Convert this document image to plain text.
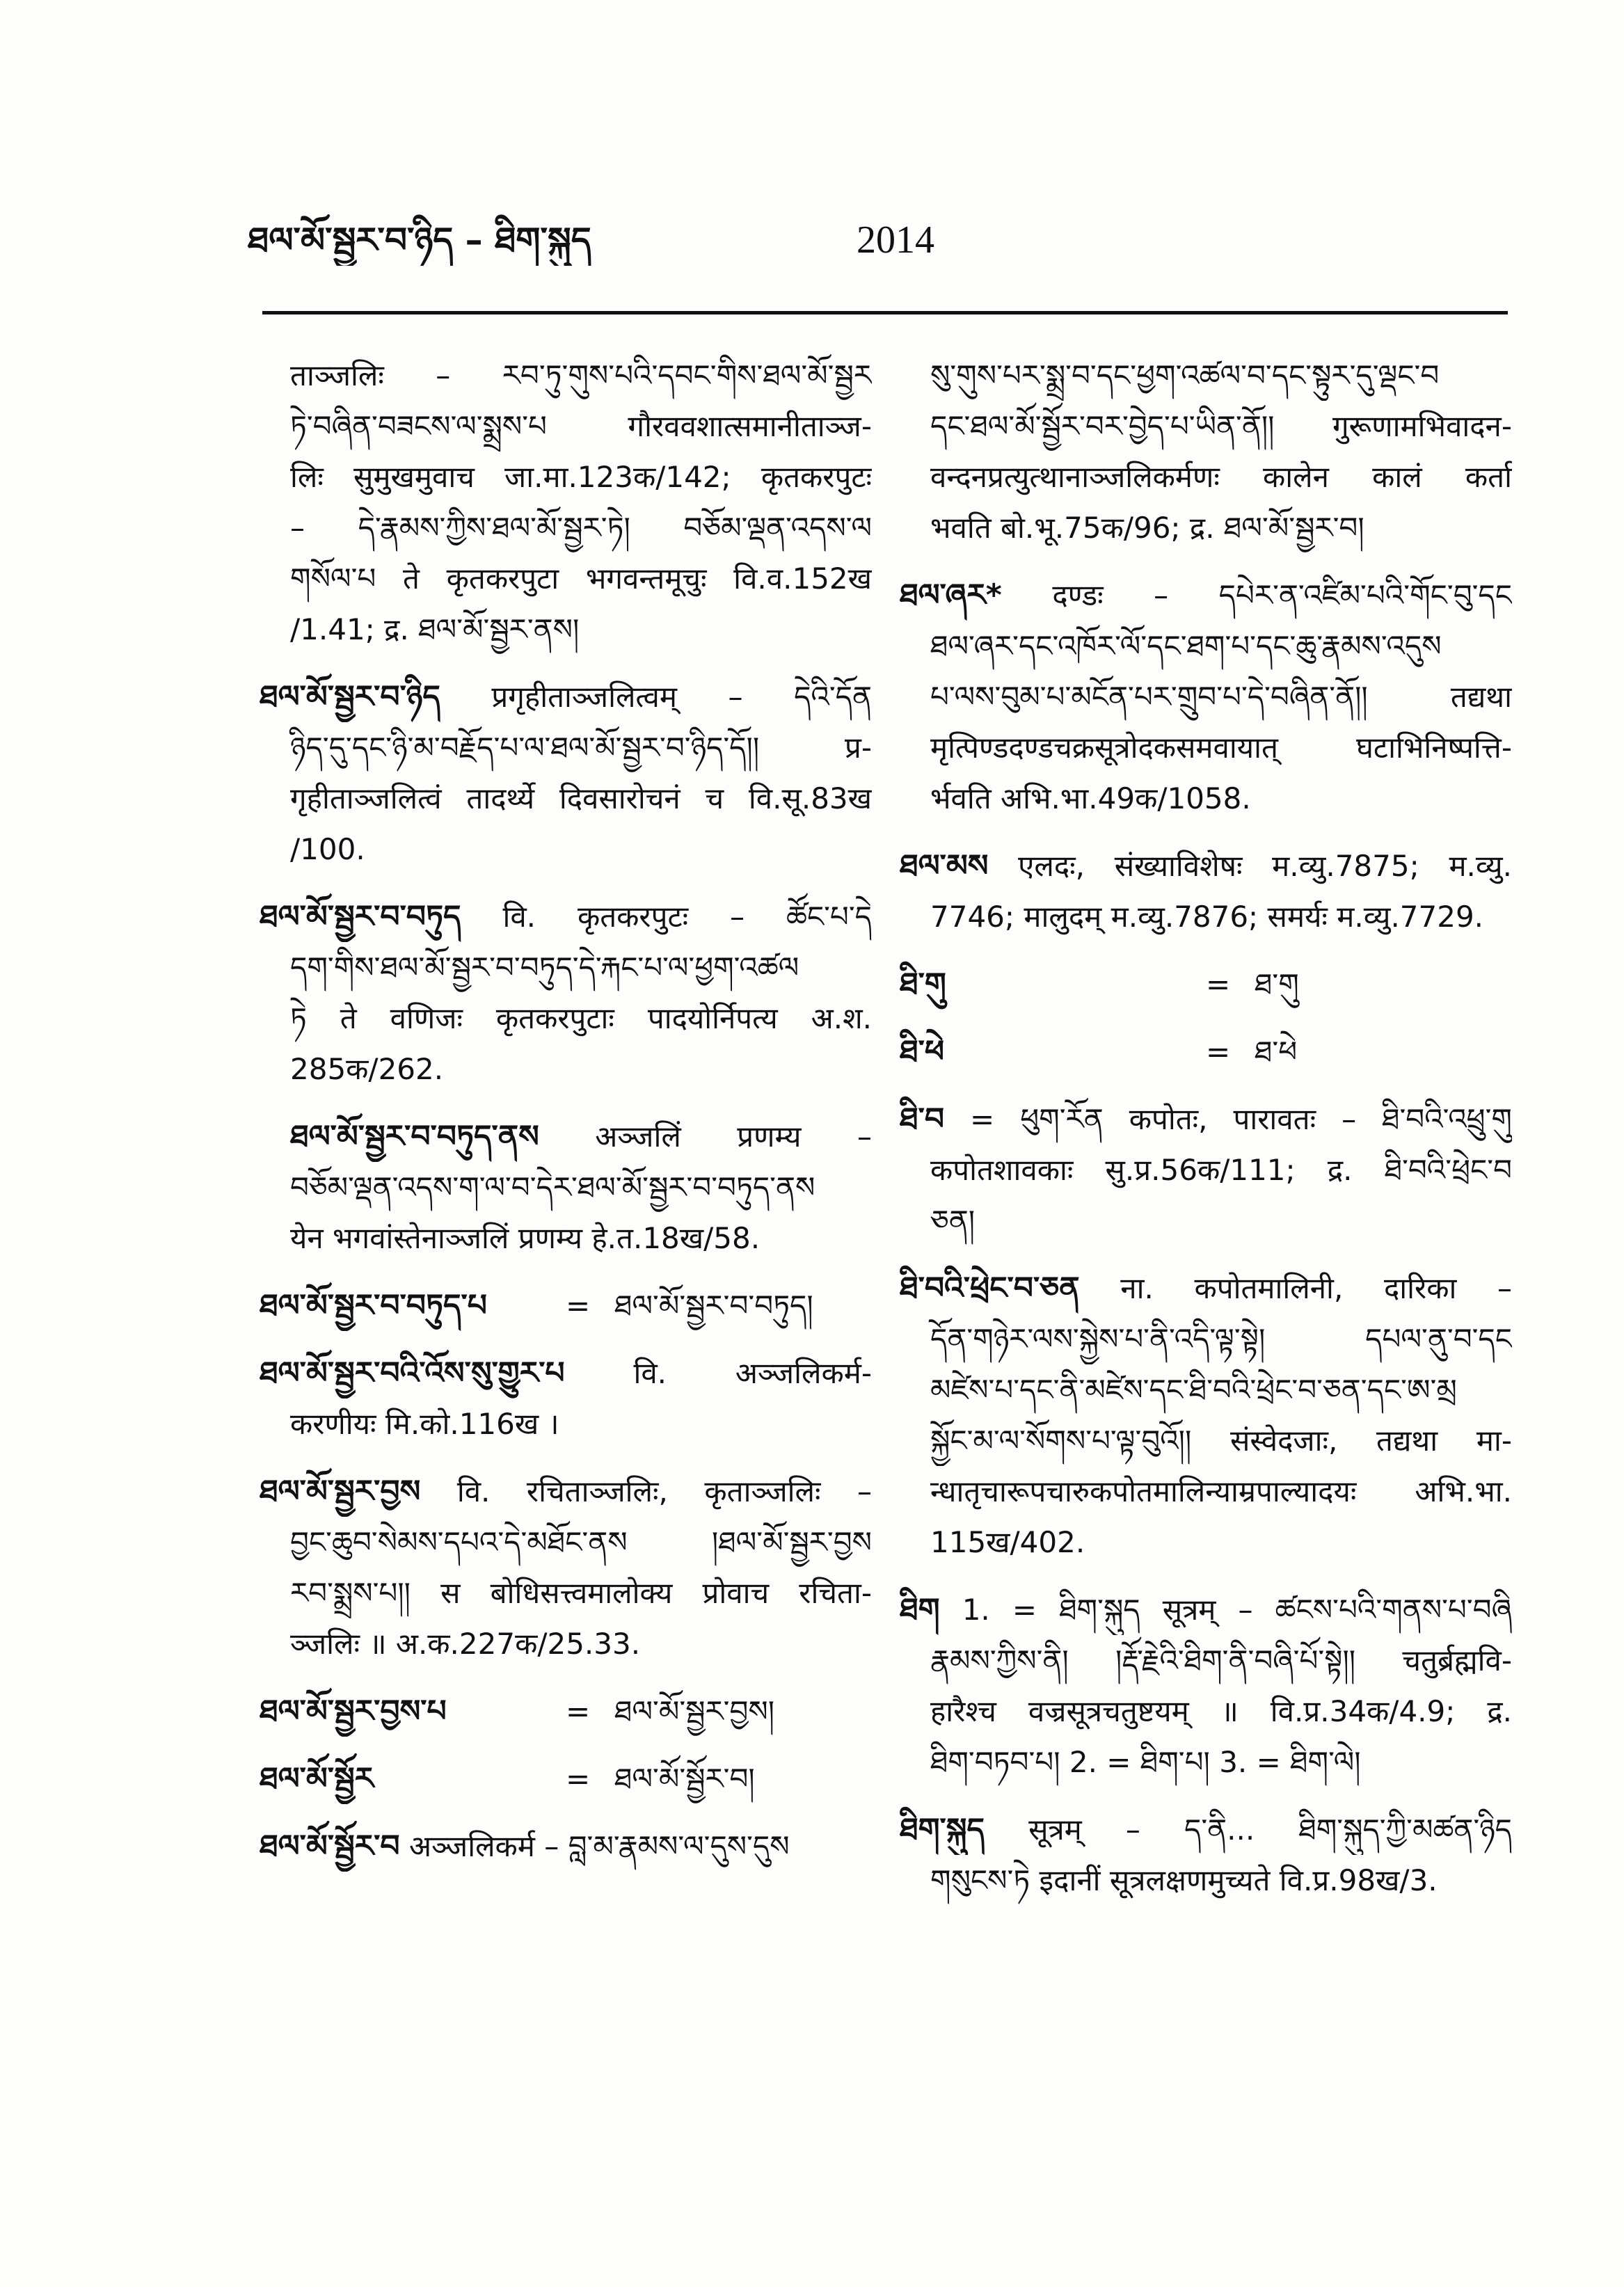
ཐལ་མོ་སྦྱར་བ་ཉིད – ཐིག་སྐུད	2014
ताञ्जलिः – རབ་ཏུ་གུས་པའི་དབང་གིས་ཐལ་མོ་སྦྱར
ཏེ་བཞིན་བཟངས་ལ་སྨྲས་པ गौरववशात्समानीताञ्ज-
लिः सुमुखमुवाच जा.मा.123क/142; कृतकरपुटः
– དེ་རྣམས་ཀྱིས་ཐལ་མོ་སྦྱར་ཏེ། བཅོམ་ལྡན་འདས་ལ
གསོལ་པ ते कृतकरपुटा भगवन्तमूचुः वि.व.152ख
/1.41; द्र. ཐལ་མོ་སྦྱར་ནས།
ཐལ་མོ་སྦྱར་བ་ཉིད प्रगृहीताञ्जलित्वम् – དེའི་དོན
ཉིད་དུ་དང་ཉི་མ་བརྗོད་པ་ལ་ཐལ་མོ་སྦྱར་བ་ཉིད་དོ།། प्र-
गृहीताञ्जलित्वं तादर्थ्ये दिवसारोचनं च वि.सू.83ख
/100.
ཐལ་མོ་སྦྱར་བ་བཏུད वि. कृतकरपुटः – ཚོང་པ་དེ
དག་གིས་ཐལ་མོ་སྦྱར་བ་བཏུད་དེ་རྐང་པ་ལ་ཕྱག་འཚལ
ཏེ ते वणिजः कृतकरपुटाः पादयोर्निपत्य अ.श.
285क/262.
ཐལ་མོ་སྦྱར་བ་བཏུད་ནས अञ्जलिं प्रणम्य –
བཅོམ་ལྡན་འདས་ག་ལ་བ་དེར་ཐལ་མོ་སྦྱར་བ་བཏུད་ནས
येन भगवांस्तेनाञ्जलिं प्रणम्य हे.त.18ख/58.
ཐལ་མོ་སྦྱར་བ་བཏུད་པ	= ཐལ་མོ་སྦྱར་བ་བཏུད།
ཐལ་མོ་སྦྱར་བའི་འོས་སུ་གྱུར་པ वि. अञ्जलिकर्म-
करणीयः मि.को.116ख ।
ཐལ་མོ་སྦྱར་བྱས वि. रचिताञ्जलिः, कृताञ्जलिः –
བྱང་ཆུབ་སེམས་དཔའ་དེ་མཐོང་ནས །ཐལ་མོ་སྦྱར་བྱས
རབ་སྨྲས་པ།། स बोधिसत्त्वमालोक्य प्रोवाच रचिता-
ञ्जलिः ॥ अ.क.227क/25.33.
ཐལ་མོ་སྦྱར་བྱས་པ	= ཐལ་མོ་སྦྱར་བྱས།
ཐལ་མོ་སྦྱོར	= ཐལ་མོ་སྦྱོར་བ།
ཐལ་མོ་སྦྱོར་བ अञ्जलिकर्म – བླ་མ་རྣམས་ལ་དུས་དུས
སུ་གུས་པར་སྨྲ་བ་དང་ཕྱག་འཚལ་བ་དང་སྟུར་དུ་ལྡང་བ
དང་ཐལ་མོ་སྦྱོར་བར་བྱེད་པ་ཡིན་ནོ།། गुरूणामभिवादन-
वन्दनप्रत्युत्थानाञ्जलिकर्मणः कालेन कालं कर्ता
भवति बो.भू.75क/96; द्र. ཐལ་མོ་སྦྱར་བ།
ཐལ་ཞར* दण्डः – དཔེར་ན་འཛིམ་པའི་གོང་བུ་དང
ཐལ་ཞར་དང་འཁོར་ལོ་དང་ཐག་པ་དང་ཆུ་རྣམས་འདུས
པ་ལས་བུམ་པ་མངོན་པར་གྲུབ་པ་དེ་བཞིན་ནོ།། तद्यथा
मृत्पिण्डदण्डचक्रसूत्रोदकसमवायात् घटाभिनिष्पत्ति-
र्भवति अभि.भा.49क/1058.
ཐལ་མས एलदः, संख्याविशेषः म.व्यु.7875; म.व्यु.
7746; मालुदम् म.व्यु.7876; समर्यः म.व्यु.7729.
ཐི་གུ	= ཐ་གུ
ཐི་ཕེ	= ཐ་ཕེ
ཐི་བ = ཕུག་རོན कपोतः, पारावतः – ཐི་བའི་འཕྲུ་གུ
कपोतशावकाः सु.प्र.56क/111; द्र. ཐི་བའི་ཕྲེང་བ
ཅན།
ཐི་བའི་ཕྲེང་བ་ཅན ना. कपोतमालिनी, दारिका –
དོན་གཉེར་ལས་སྐྱེས་པ་ནི་འདི་ལྟ་སྟེ། དཔལ་ནུ་བ་དང
མཛེས་པ་དང་ནི་མཛེས་དང་ཐི་བའི་ཕྲེང་བ་ཅན་དང་ཨ་མྲ
སྐྱོང་མ་ལ་སོགས་པ་ལྟ་བུའོ།། संस्वेदजाः, तद्यथा मा-
न्धातृचारूपचारुकपोतमालिन्याम्रपाल्यादयः अभि.भा.
115ख/402.
ཐིག 1. = ཐིག་སྐུད सूत्रम् – ཚངས་པའི་གནས་པ་བཞི
རྣམས་ཀྱིས་ནི། །རྡོ་རྗེའི་ཐིག་ནི་བཞི་པོ་སྟེ།། चतुर्ब्रह्मवि-
हारैश्च वज्रसूत्रचतुष्टयम् ॥ वि.प्र.34क/4.9; द्र.
ཐིག་བཏབ་པ། 2. = ཐིག་པ། 3. = ཐིག་ལེ།
ཐིག་སྐུད सूत्रम् – ད་ནི... ཐིག་སྐུད་ཀྱི་མཚན་ཉིད
གསུངས་ཏེ इदानीं सूत्रलक्षणमुच्यते वि.प्र.98ख/3.
